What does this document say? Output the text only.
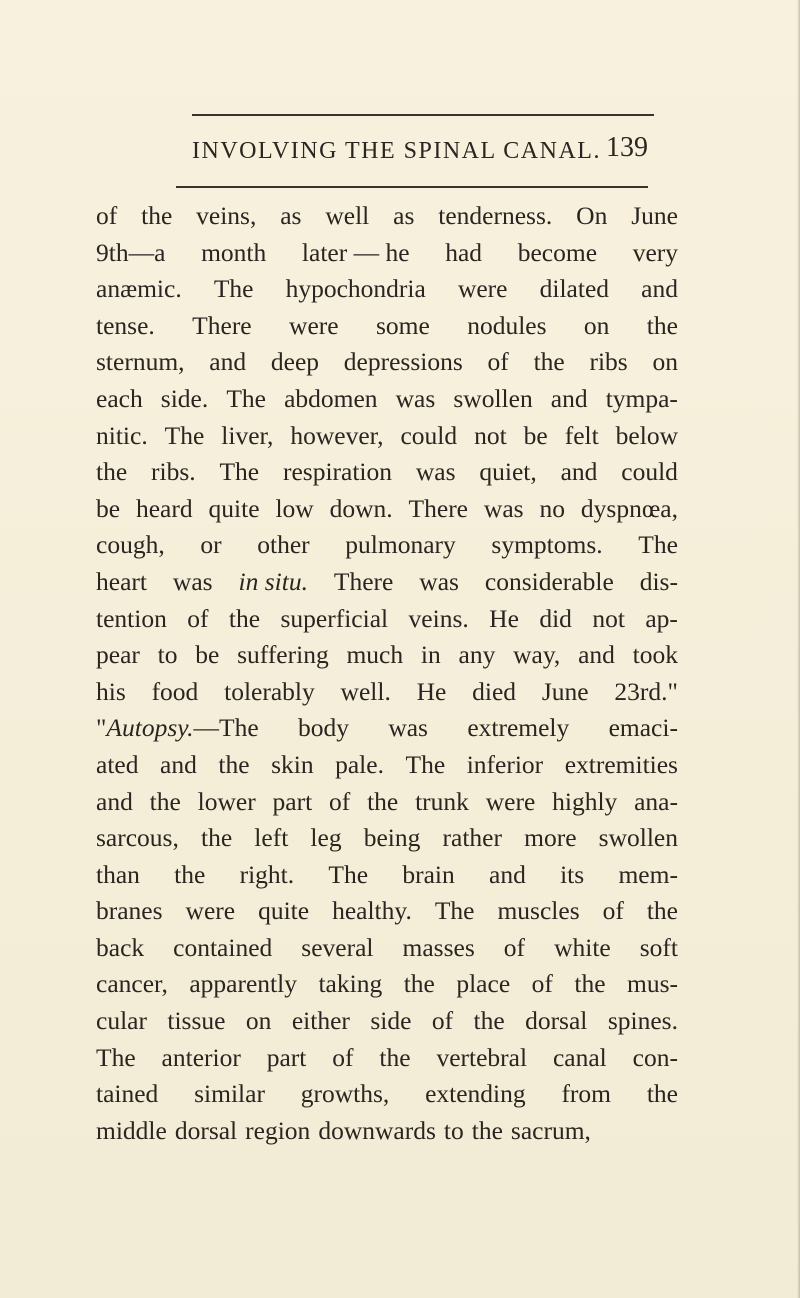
INVOLVING THE SPINAL CANAL. 139
of the veins, as well as tenderness. On June
9th—a month later — he had become very
anæmic. The hypochondria were dilated and
tense. There were some nodules on the
sternum, and deep depressions of the ribs on
each side. The abdomen was swollen and tympa-
nitic. The liver, however, could not be felt below
the ribs. The respiration was quiet, and could
be heard quite low down. There was no dyspnœa,
cough, or other pulmonary symptoms. The
heart was in situ. There was considerable dis-
tention of the superficial veins. He did not ap-
pear to be suffering much in any way, and took
his food tolerably well. He died June 23rd."
"Autopsy.—The body was extremely emaci-
ated and the skin pale. The inferior extremities
and the lower part of the trunk were highly ana-
sarcous, the left leg being rather more swollen
than the right. The brain and its mem-
branes were quite healthy. The muscles of the
back contained several masses of white soft
cancer, apparently taking the place of the mus-
cular tissue on either side of the dorsal spines.
The anterior part of the vertebral canal con-
tained similar growths, extending from the
middle dorsal region downwards to the sacrum,
